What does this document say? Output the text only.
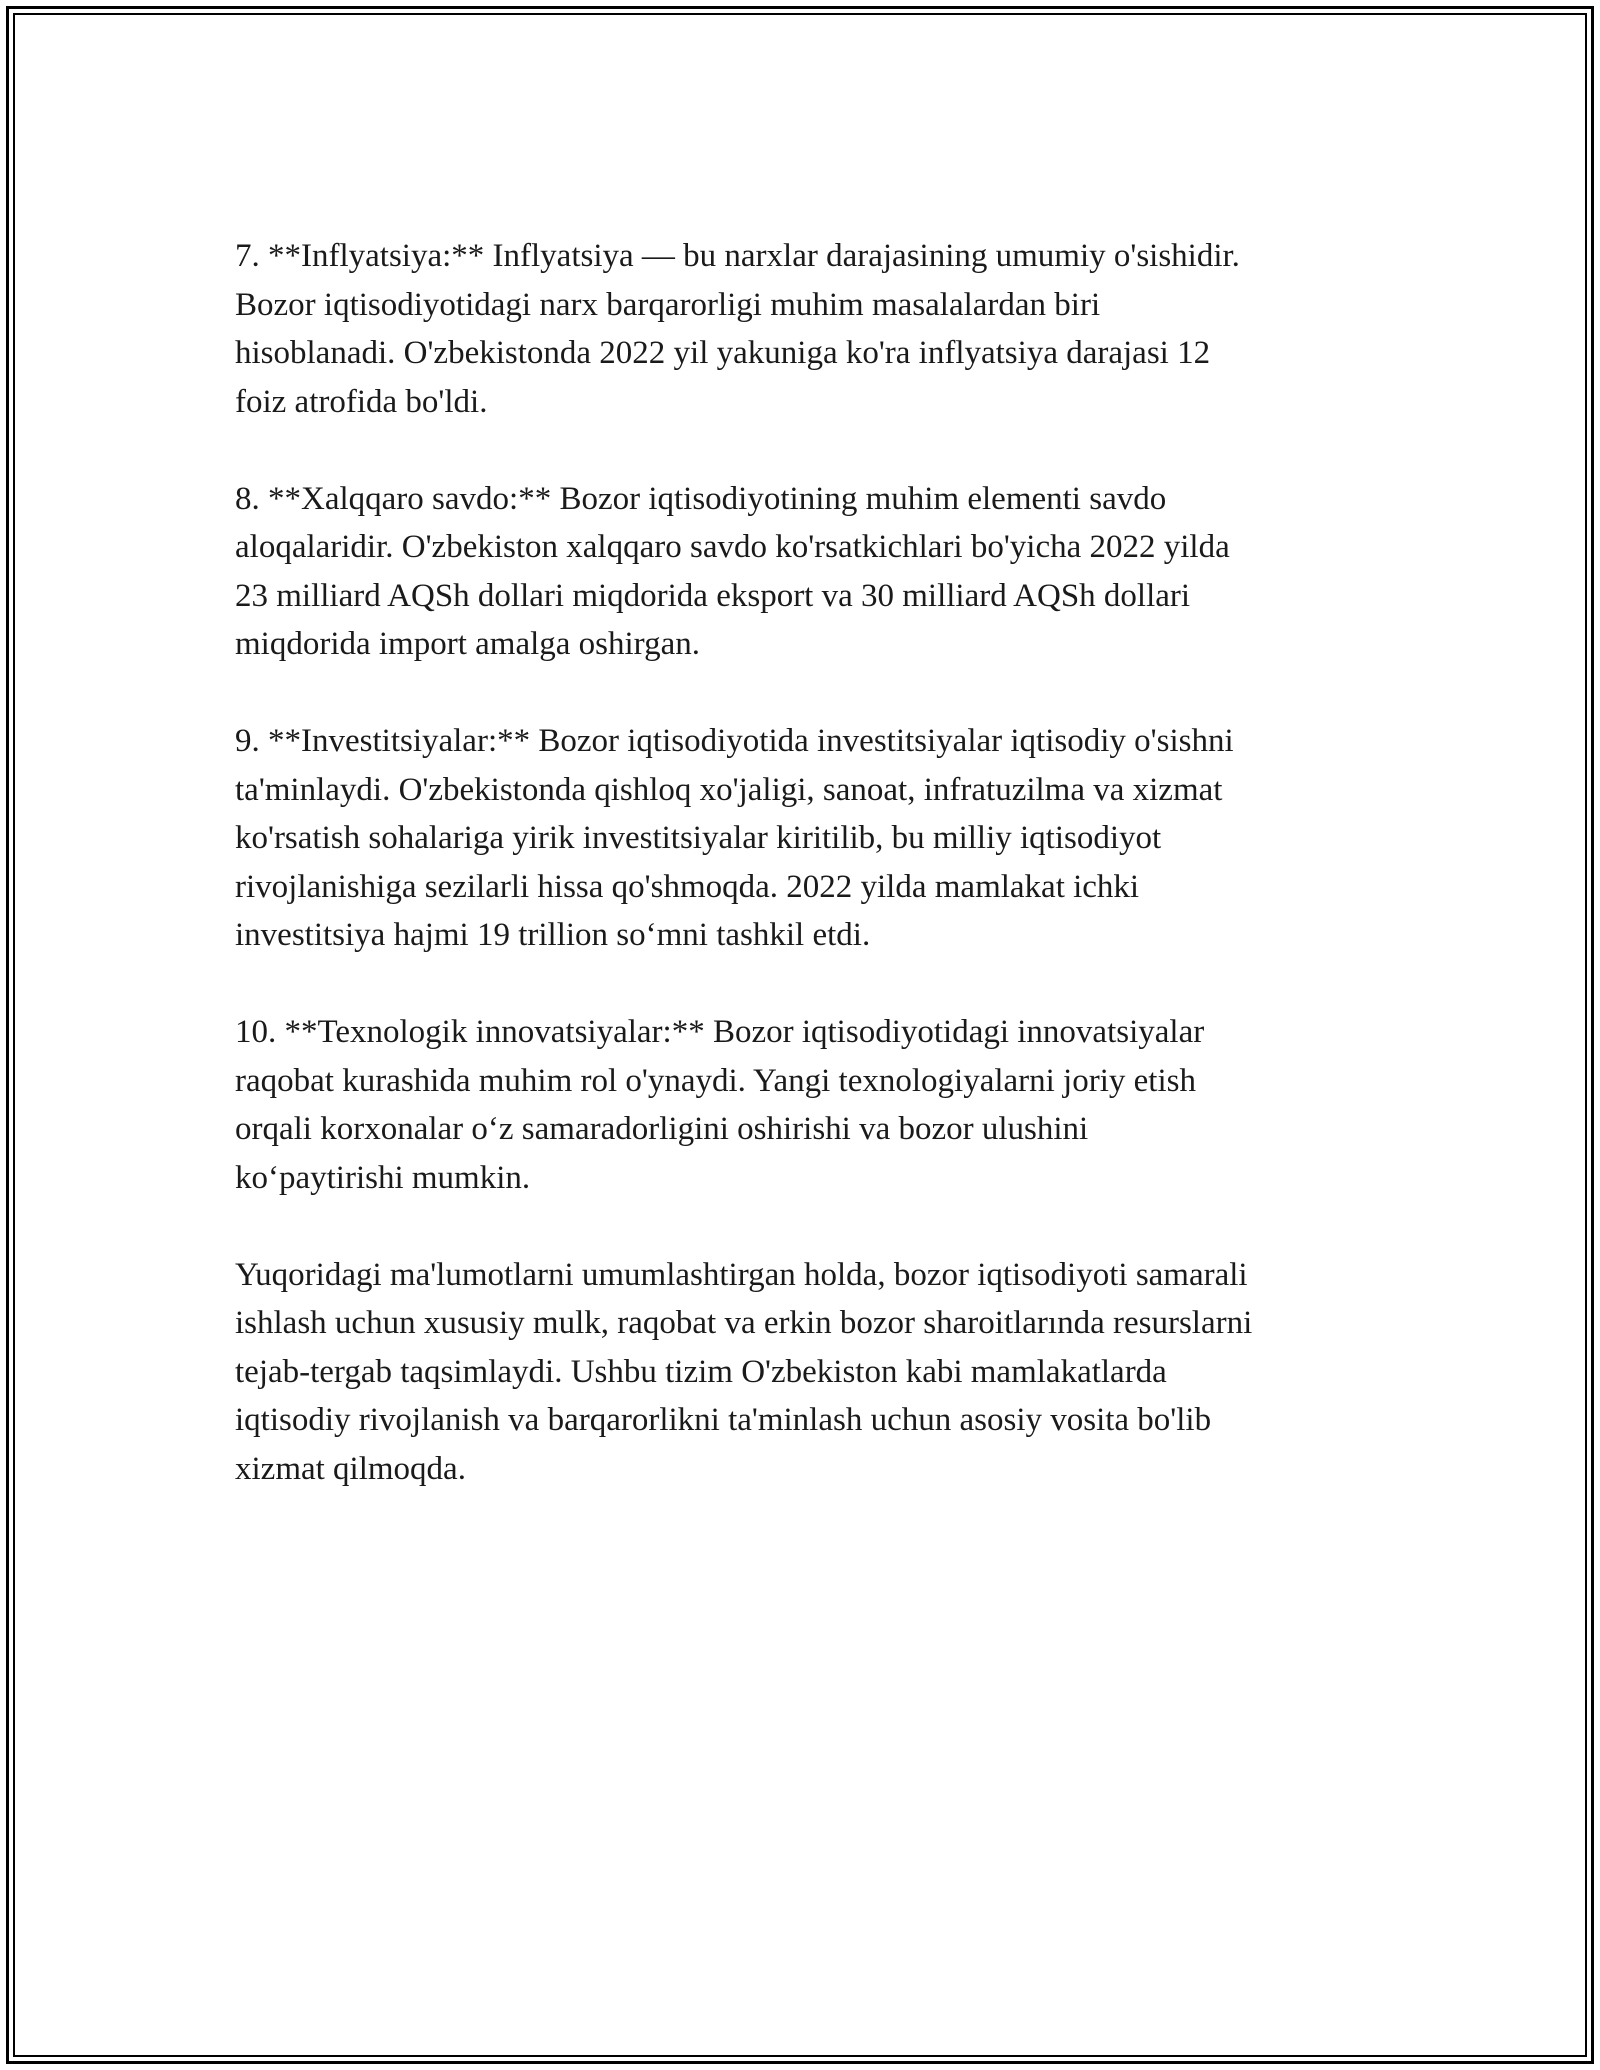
7. **Inflyatsiya:** Inflyatsiya — bu narxlar darajasining umumiy o'sishidir.
Bozor iqtisodiyotidagi narx barqarorligi muhim masalalardan biri
hisoblanadi. O'zbekistonda 2022 yil yakuniga ko'ra inflyatsiya darajasi 12
foiz atrofida bo'ldi.

8. **Xalqqaro savdo:** Bozor iqtisodiyotining muhim elementi savdo
aloqalaridir. O'zbekiston xalqqaro savdo ko'rsatkichlari bo'yicha 2022 yilda
23 milliard AQSh dollari miqdorida eksport va 30 milliard AQSh dollari
miqdorida import amalga oshirgan.

9. **Investitsiyalar:** Bozor iqtisodiyotida investitsiyalar iqtisodiy o'sishni
ta'minlaydi. O'zbekistonda qishloq xo'jaligi, sanoat, infratuzilma va xizmat
ko'rsatish sohalariga yirik investitsiyalar kiritilib, bu milliy iqtisodiyot
rivojlanishiga sezilarli hissa qo'shmoqda. 2022 yilda mamlakat ichki
investitsiya hajmi 19 trillion so‘mni tashkil etdi.

10. **Texnologik innovatsiyalar:** Bozor iqtisodiyotidagi innovatsiyalar
raqobat kurashida muhim rol o'ynaydi. Yangi texnologiyalarni joriy etish
orqali korxonalar o‘z samaradorligini oshirishi va bozor ulushini
ko‘paytirishi mumkin.

Yuqoridagi ma'lumotlarni umumlashtirgan holda, bozor iqtisodiyoti samarali
ishlash uchun xususiy mulk, raqobat va erkin bozor sharoitlarında resurslarni
tejab-tergab taqsimlaydi. Ushbu tizim O'zbekiston kabi mamlakatlarda
iqtisodiy rivojlanish va barqarorlikni ta'minlash uchun asosiy vosita bo'lib
xizmat qilmoqda.
